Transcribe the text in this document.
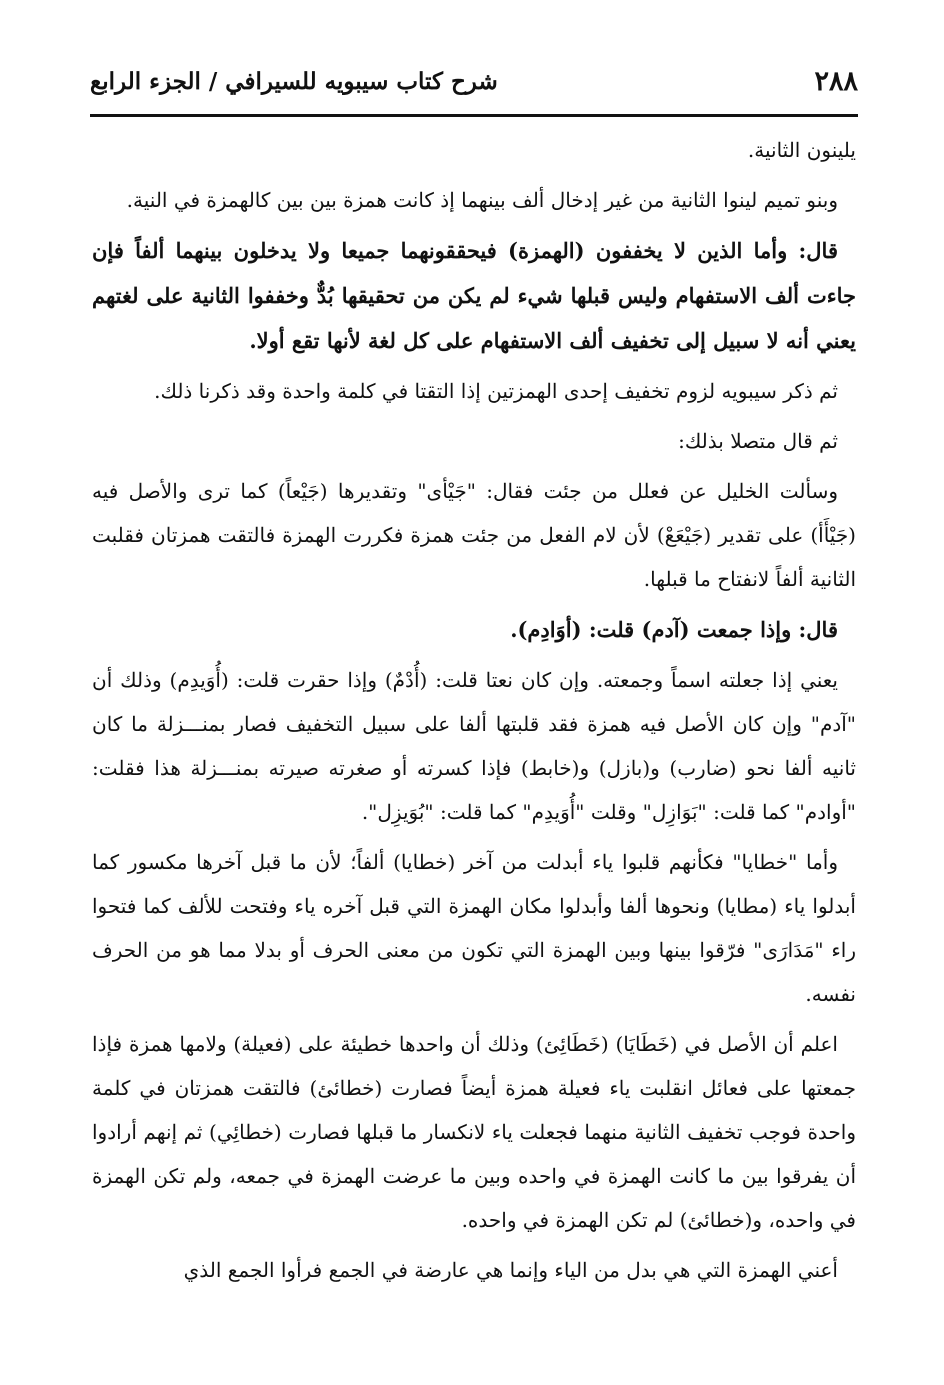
٢٨٨
شرح كتاب سيبويه للسيرافي / الجزء الرابع

يلينون الثانية.

وبنو تميم لينوا الثانية من غير إدخال ألف بينهما إذ كانت همزة بين بين كالهمزة في النية.

قال: وأما الذين لا يخففون (الهمزة) فيحققونهما جميعا ولا يدخلون بينهما ألفاً فإن جاءت ألف الاستفهام وليس قبلها شيء لم يكن من تحقيقها بُدٌّ وخففوا الثانية على لغتهم يعني أنه لا سبيل إلى تخفيف ألف الاستفهام على كل لغة لأنها تقع أولا.

ثم ذكر سيبويه لزوم تخفيف إحدى الهمزتين إذا التقتا في كلمة واحدة وقد ذكرنا ذلك.

ثم قال متصلا بذلك:

وسألت الخليل عن فعلل من جئت فقال: "جَيْأى" وتقديرها (جَيْعاً) كما ترى والأصل فيه (جَيْأَأ) على تقدير (جَيْعَعْ) لأن لام الفعل من جئت همزة فكررت الهمزة فالتقت همزتان فقلبت الثانية ألفاً لانفتاح ما قبلها.

قال: وإذا جمعت (آدم) قلت: (أوَادِم).

يعني إذا جعلته اسماً وجمعته. وإن كان نعتا قلت: (أُدْمٌ) وإذا حقرت قلت: (أُوَيدِم) وذلك أن "آدم" وإن كان الأصل فيه همزة فقد قلبتها ألفا على سبيل التخفيف فصار بمنـــزلة ما كان ثانيه ألفا نحو (ضارب) و(بازل) و(خابط) فإذا كسرته أو صغرته صيرته بمنـــزلة هذا فقلت: "أوادم" كما قلت: "بَوَازِل" وقلت "أُوَيدِم" كما قلت: "بُوَيزِل".

وأما "خطايا" فكأنهم قلبوا ياء أبدلت من آخر (خطايا) ألفاً؛ لأن ما قبل آخرها مكسور كما أبدلوا ياء (مطايا) ونحوها ألفا وأبدلوا مكان الهمزة التي قبل آخره ياء وفتحت للألف كما فتحوا راء "مَدَارَى" فرّقوا بينها وبين الهمزة التي تكون من معنى الحرف أو بدلا مما هو من الحرف نفسه.

اعلم أن الأصل في (خَطَايَا) (خَطَائِئ) وذلك أن واحدها خطيئة على (فعيلة) ولامها همزة فإذا جمعتها على فعائل انقلبت ياء فعيلة همزة أيضاً فصارت (خطائئ) فالتقت همزتان في كلمة واحدة فوجب تخفيف الثانية منهما فجعلت ياء لانكسار ما قبلها فصارت (خطائِي) ثم إنهم أرادوا أن يفرقوا بين ما كانت الهمزة في واحده وبين ما عرضت الهمزة في جمعه، ولم تكن الهمزة في واحده، و(خطائئ) لم تكن الهمزة في واحده.

أعني الهمزة التي هي بدل من الياء وإنما هي عارضة في الجمع فرأوا الجمع الذي
